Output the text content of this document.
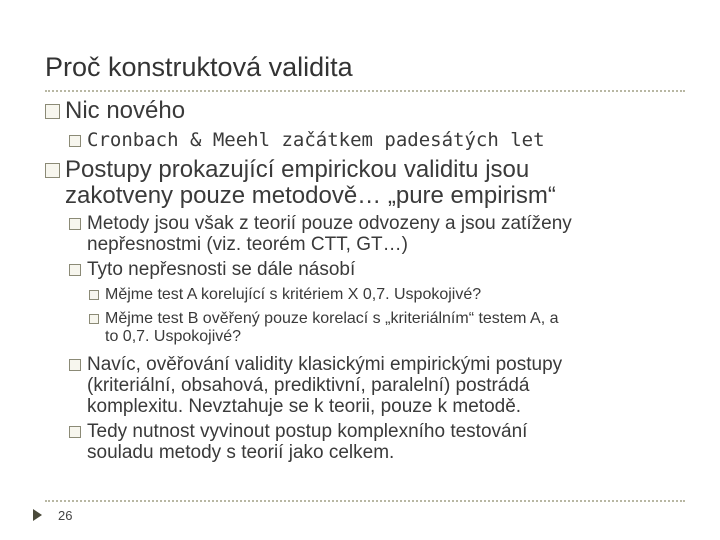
Proč konstruktová validita
Nic nového
Cronbach & Meehl začátkem padesátých let
Postupy prokazující empirickou validitu jsou
zakotveny pouze metodově… „pure empirism“
Metody jsou však z teorií pouze odvozeny a jsou zatíženy
nepřesnostmi (viz. teorém CTT, GT…)
Tyto nepřesnosti se dále násobí
Mějme test A korelující s kritériem X 0,7. Uspokojivé?
Mějme test B ověřený pouze korelací s „kriteriálním“ testem A, a
to 0,7. Uspokojivé?
Navíc, ověřování validity klasickými empirickými postupy
(kriteriální, obsahová, prediktivní, paralelní) postrádá
komplexitu. Nevztahuje se k teorii, pouze k metodě.
Tedy nutnost vyvinout postup komplexního testování
souladu metody s teorií jako celkem.
26
